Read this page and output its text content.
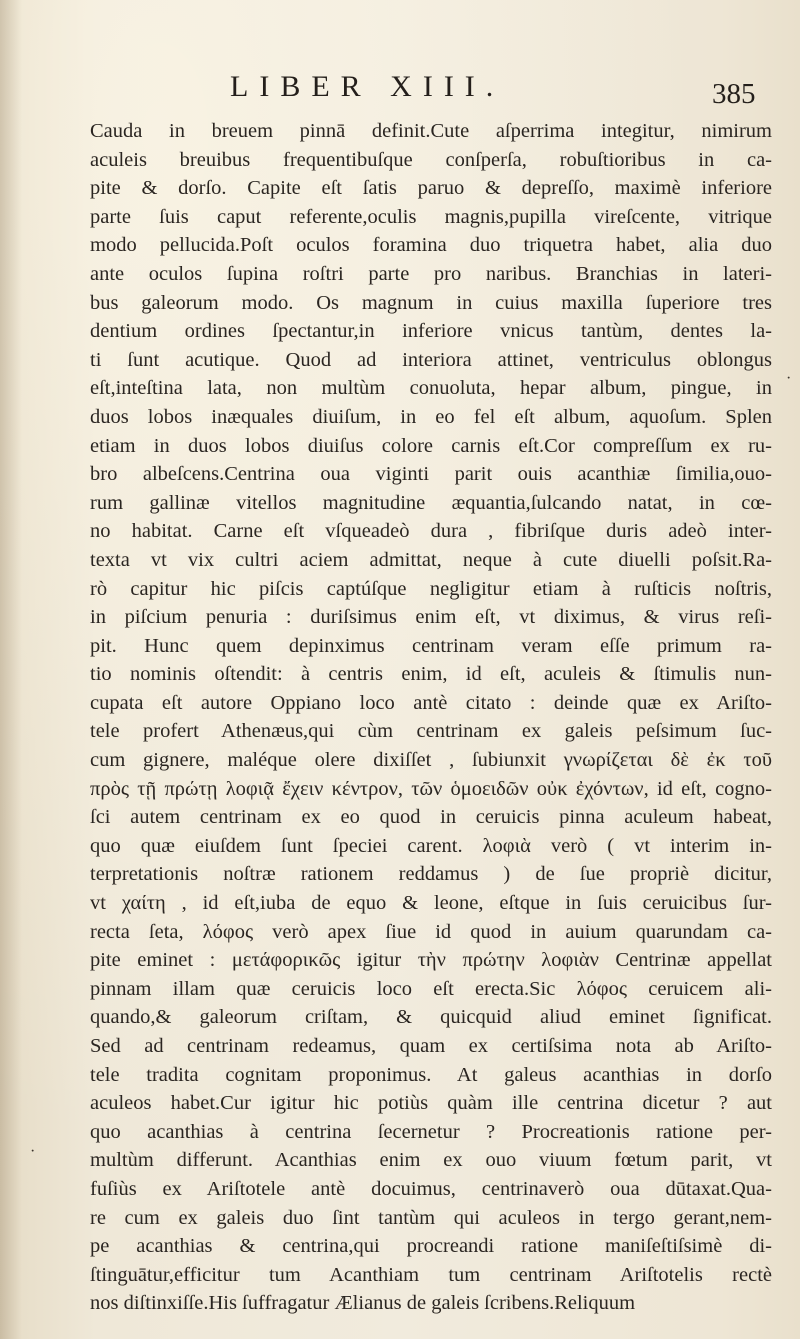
LIBER XIII.	385
·
·
Cauda in breuem pinnā definit.Cute aſperrima integitur, nimirum
aculeis breuibus frequentibuſque conſperſa, robuſtioribus in ca-
pite & dorſo. Capite eſt ſatis paruo & depreſſo, maximè inferiore
parte ſuis caput referente,oculis magnis,pupilla vireſcente, vitrique
modo pellucida.Poſt oculos foramina duo triquetra habet, alia duo
ante oculos ſupina roſtri parte pro naribus. Branchias in lateri-
bus galeorum modo. Os magnum in cuius maxilla ſuperiore tres
dentium ordines ſpectantur,in inferiore vnicus tantùm, dentes la-
ti ſunt acutique. Quod ad interiora attinet, ventriculus oblongus
eſt,inteſtina lata, non multùm conuoluta, hepar album, pingue, in
duos lobos inæquales diuiſum, in eo fel eſt album, aquoſum. Splen
etiam in duos lobos diuiſus colore carnis eſt.Cor compreſſum ex ru-
bro albeſcens.Centrina oua viginti parit ouis acanthiæ ſimilia,ouo-
rum gallinæ vitellos magnitudine æquantia,ſulcando natat, in cœ-
no habitat. Carne eſt vſqueadeò dura , fibriſque duris adeò inter-
texta vt vix cultri aciem admittat, neque à cute diuelli poſsit.Ra-
rò capitur hic piſcis captúſque negligitur etiam à ruſticis noſtris,
in piſcium penuria : duriſsimus enim eſt, vt diximus, & virus reſi-
pit. Hunc quem depinximus centrinam veram eſſe primum ra-
tio nominis oſtendit: à centris enim, id eſt, aculeis & ſtimulis nun-
cupata eſt autore Oppiano loco antè citato : deinde quæ ex Ariſto-
tele profert Athenæus,qui cùm centrinam ex galeis peſsimum ſuc-
cum gignere, maléque olere dixiſſet , ſubiunxit γνωρίζεται δὲ ἐκ τοῦ
πρὸς τῇ πρώτῃ λοφιᾷ ἔχειν κέντρον, τῶν ὁμοειδῶν οὐκ ἐχόντων, id eſt, cogno-
ſci autem centrinam ex eo quod in ceruicis pinna aculeum habeat,
quo quæ eiuſdem ſunt ſpeciei carent. λοφιὰ verò ( vt interim in-
terpretationis noſtræ rationem reddamus ) de ſue propriè dicitur,
vt χαίτη , id eſt,iuba de equo & leone, eſtque in ſuis ceruicibus ſur-
recta ſeta, λόφος verò apex ſiue id quod in auium quarundam ca-
pite eminet : μετάφορικῶς igitur τὴν πρώτην λοφιὰν Centrinæ appellat
pinnam illam quæ ceruicis loco eſt erecta.Sic λόφος ceruicem ali-
quando,& galeorum criſtam, & quicquid aliud eminet ſignificat.
Sed ad centrinam redeamus, quam ex certiſsima nota ab Ariſto-
tele tradita cognitam proponimus. At galeus acanthias in dorſo
aculeos habet.Cur igitur hic potiùs quàm ille centrina dicetur ? aut
quo acanthias à centrina ſecernetur ? Procreationis ratione per-
multùm differunt. Acanthias enim ex ouo viuum fœtum parit, vt
fuſiùs ex Ariſtotele antè docuimus, centrinaverò oua dūtaxat.Qua-
re cum ex galeis duo ſint tantùm qui aculeos in tergo gerant,nem-
pe acanthias & centrina,qui procreandi ratione maniſeſtiſsimè di-
ſtinguātur,efficitur tum Acanthiam tum centrinam Ariſtotelis rectè
nos diſtinxiſſe.His ſuffragatur Ælianus de galeis ſcribens.Reliquum
